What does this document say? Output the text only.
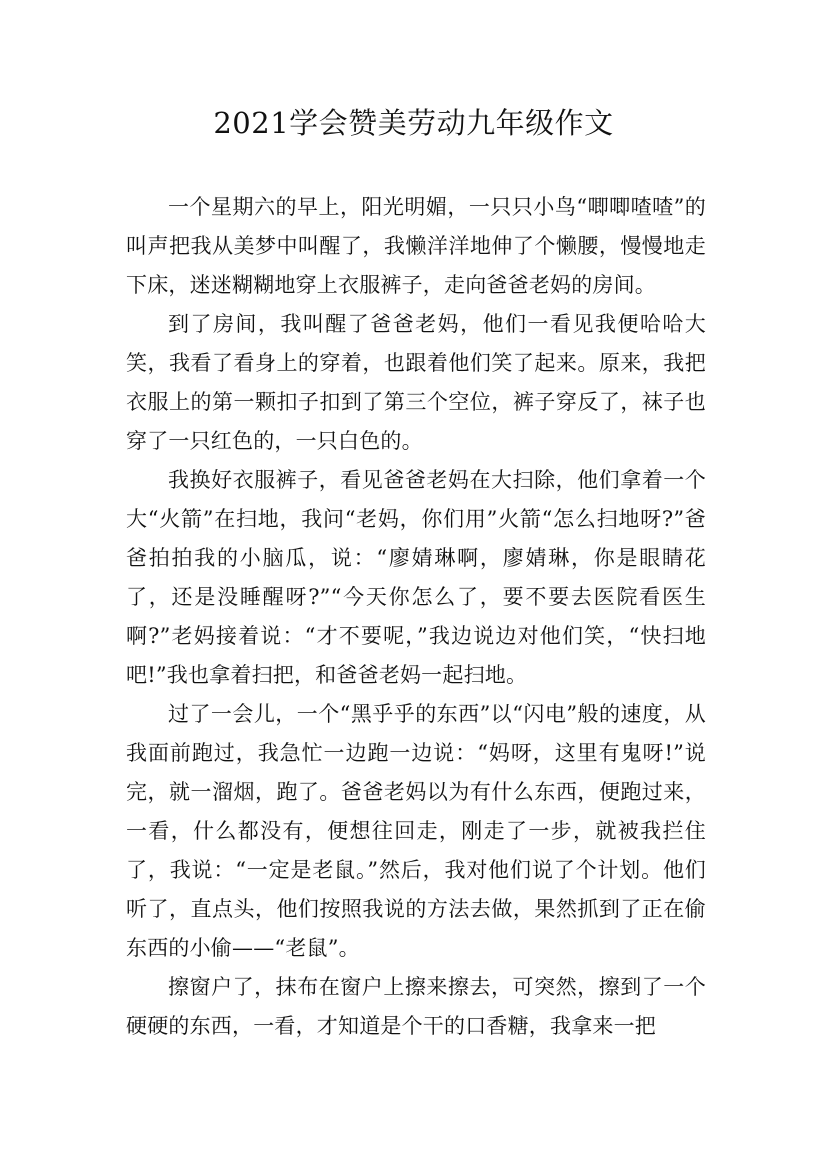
2021学会赞美劳动九年级作文

一个星期六的早上，阳光明媚，一只只小鸟“唧唧喳喳”的叫声把我从美梦中叫醒了，我懒洋洋地伸了个懒腰，慢慢地走下床，迷迷糊糊地穿上衣服裤子，走向爸爸老妈的房间。

到了房间，我叫醒了爸爸老妈，他们一看见我便哈哈大笑，我看了看身上的穿着，也跟着他们笑了起来。原来，我把衣服上的第一颗扣子扣到了第三个空位，裤子穿反了，袜子也穿了一只红色的，一只白色的。

我换好衣服裤子，看见爸爸老妈在大扫除，他们拿着一个大“火箭”在扫地，我问“老妈，你们用”火箭“怎么扫地呀?”爸爸拍拍我的小脑瓜，说：“廖婧琳啊，廖婧琳，你是眼睛花了，还是没睡醒呀?”“今天你怎么了，要不要去医院看医生啊?”老妈接着说：“才不要呢，”我边说边对他们笑，“快扫地吧!”我也拿着扫把，和爸爸老妈一起扫地。

过了一会儿，一个“黑乎乎的东西”以“闪电”般的速度，从我面前跑过，我急忙一边跑一边说：“妈呀，这里有鬼呀!”说完，就一溜烟，跑了。爸爸老妈以为有什么东西，便跑过来，一看，什么都没有，便想往回走，刚走了一步，就被我拦住了，我说：“一定是老鼠。”然后，我对他们说了个计划。他们听了，直点头，他们按照我说的方法去做，果然抓到了正在偷东西的小偷——“老鼠”。

擦窗户了，抹布在窗户上擦来擦去，可突然，擦到了一个硬硬的东西，一看，才知道是个干的口香糖，我拿来一把
